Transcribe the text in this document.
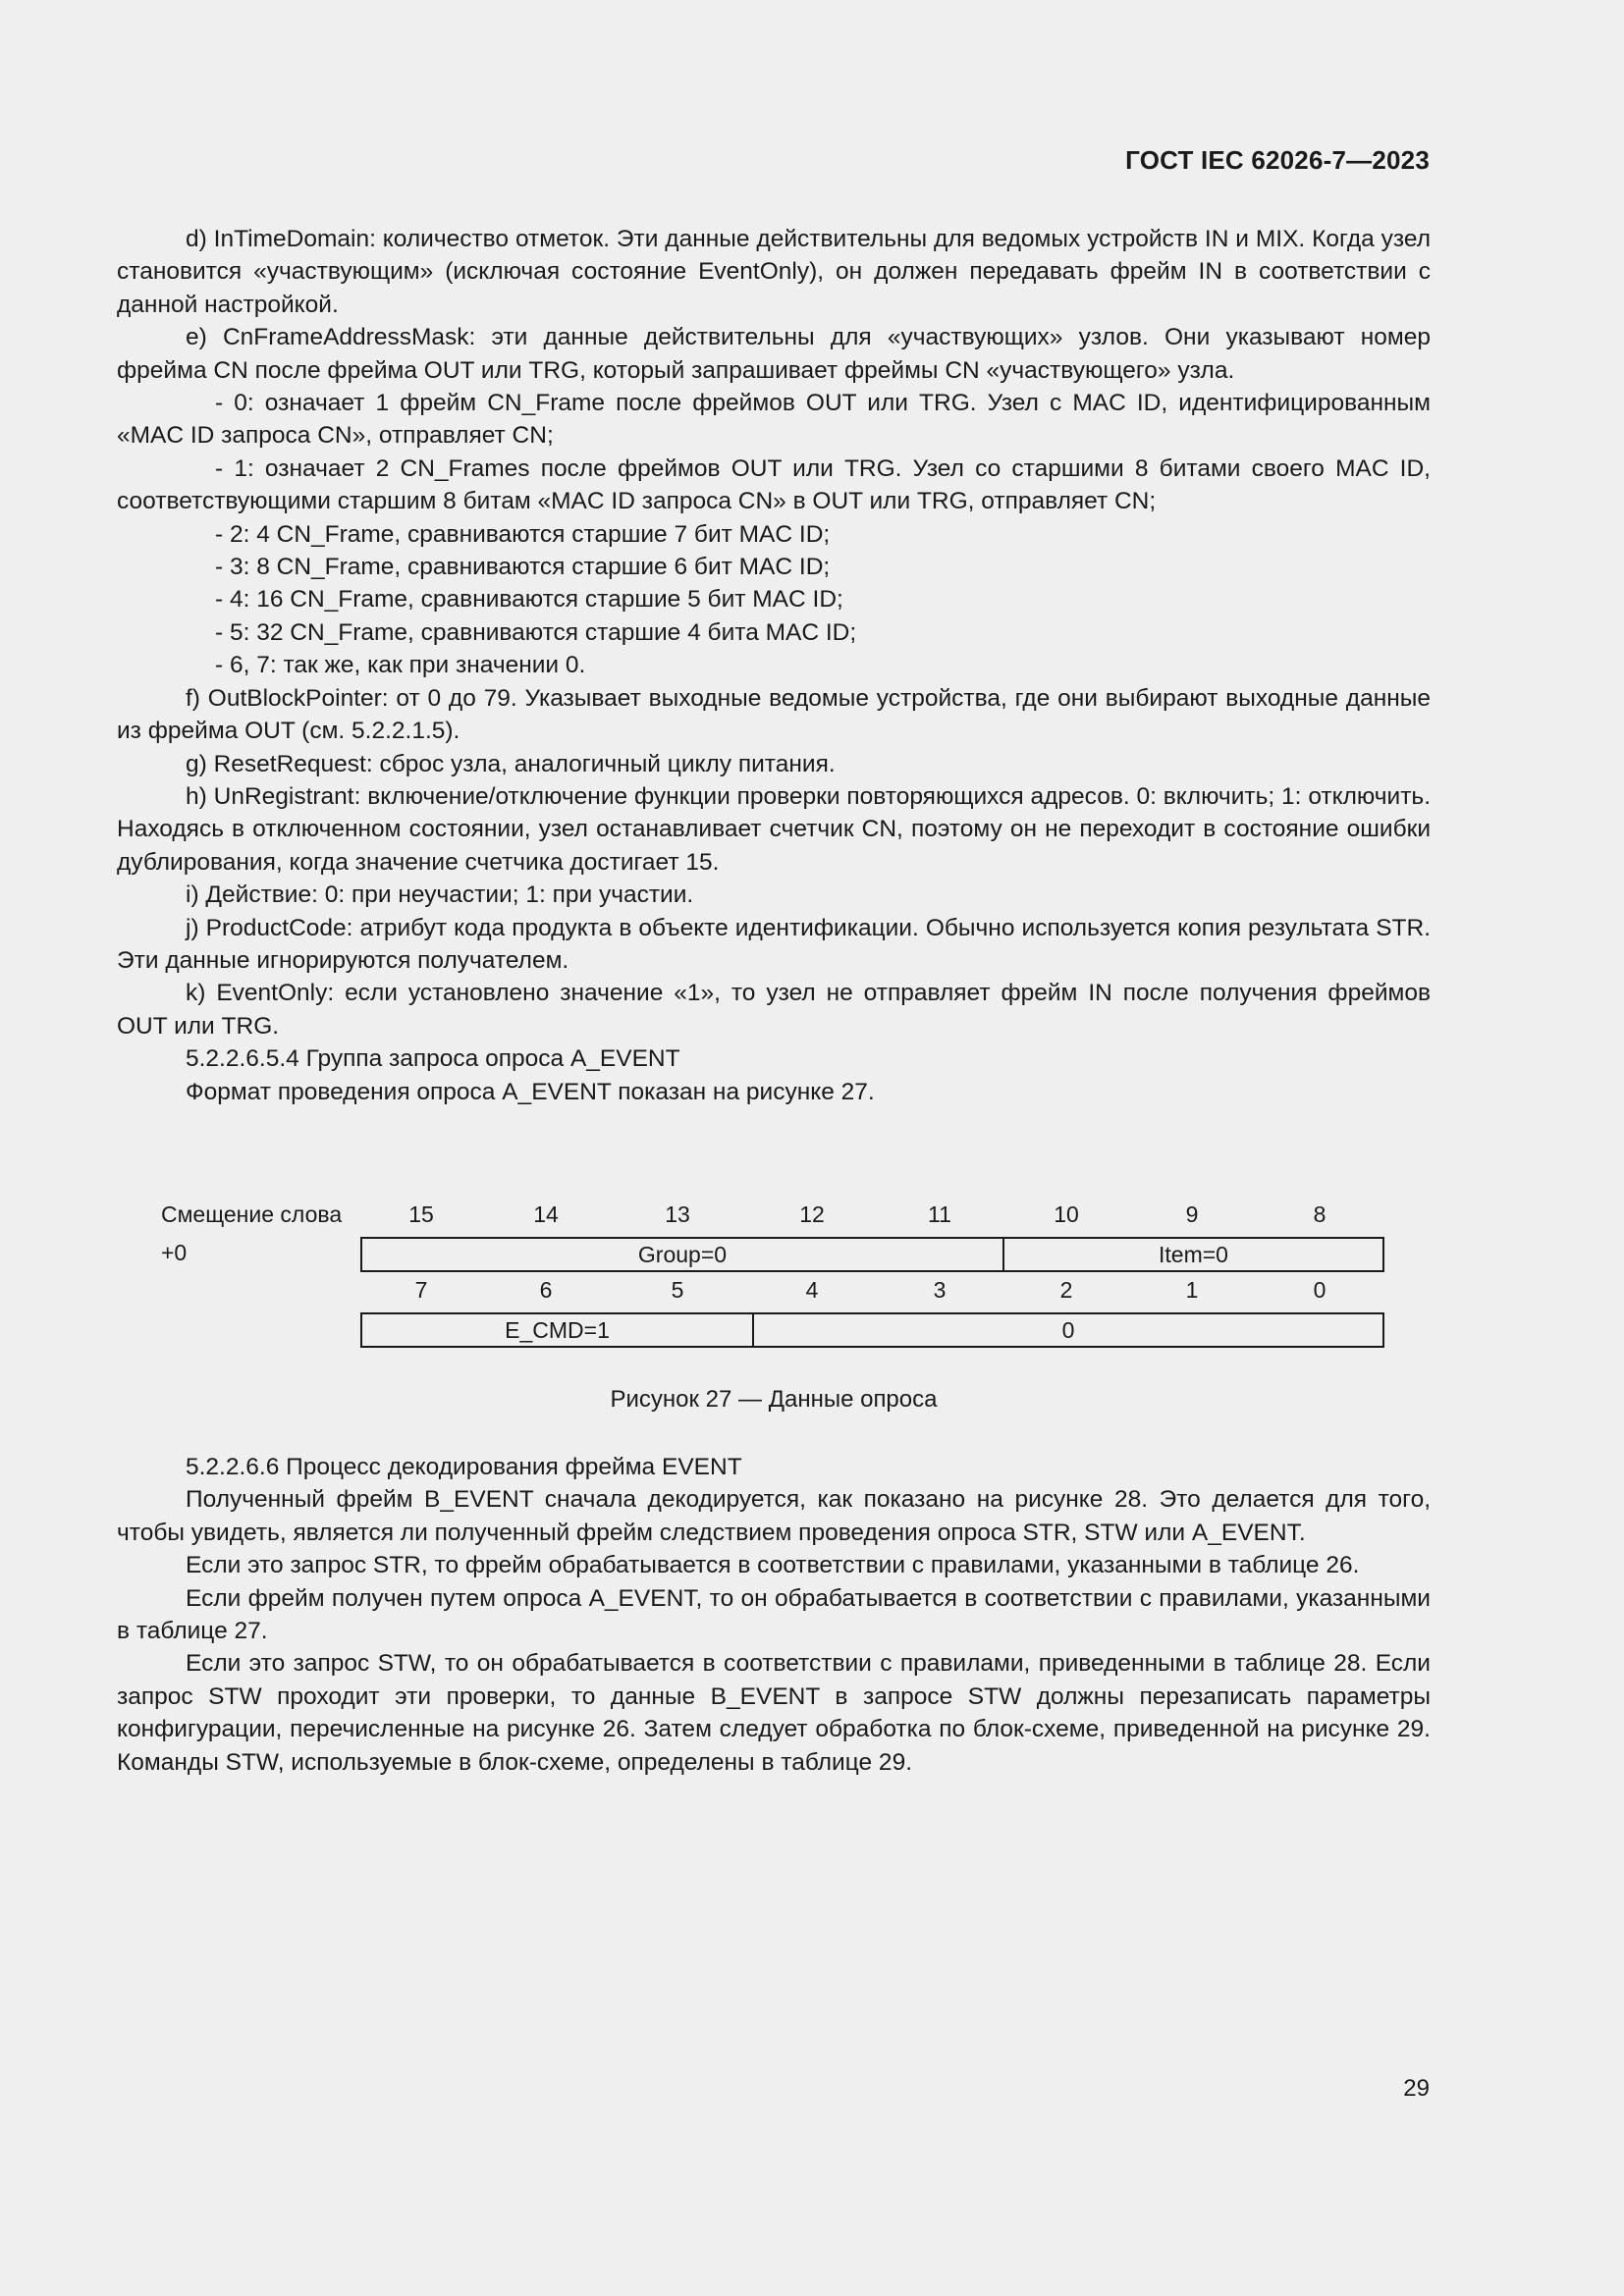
ГОСТ IEC 62026-7—2023

d) InTimeDomain: количество отметок. Эти данные действительны для ведомых устройств IN и MIX. Когда узел становится «участвующим» (исключая состояние EventOnly), он должен передавать фрейм IN в соответствии с данной настройкой.

e) CnFrameAddressMask: эти данные действительны для «участвующих» узлов. Они указывают номер фрейма CN после фрейма OUT или TRG, который запрашивает фреймы CN «участвующего» узла.

- 0: означает 1 фрейм CN_Frame после фреймов OUT или TRG. Узел с MAC ID, идентифицированным «MAC ID запроса CN», отправляет CN;

- 1: означает 2 CN_Frames после фреймов OUT или TRG. Узел со старшими 8 битами своего MAC ID, соответствующими старшим 8 битам «MAC ID запроса CN» в OUT или TRG, отправляет CN;

- 2: 4 CN_Frame, сравниваются старшие 7 бит MAC ID;

- 3: 8 CN_Frame, сравниваются старшие 6 бит MAC ID;

- 4: 16 CN_Frame, сравниваются старшие 5 бит MAC ID;

- 5: 32 CN_Frame, сравниваются старшие 4 бита MAC ID;

- 6, 7: так же, как при значении 0.

f) OutBlockPointer: от 0 до 79. Указывает выходные ведомые устройства, где они выбирают выходные данные из фрейма OUT (см. 5.2.2.1.5).

g) ResetRequest: сброс узла, аналогичный циклу питания.

h) UnRegistrant: включение/отключение функции проверки повторяющихся адресов. 0: включить; 1: отключить. Находясь в отключенном состоянии, узел останавливает счетчик CN, поэтому он не переходит в состояние ошибки дублирования, когда значение счетчика достигает 15.

i) Действие: 0: при неучастии; 1: при участии.

j) ProductCode: атрибут кода продукта в объекте идентификации. Обычно используется копия результата STR. Эти данные игнорируются получателем.

k) EventOnly: если установлено значение «1», то узел не отправляет фрейм IN после получения фреймов OUT или TRG.

5.2.2.6.5.4 Группа запроса опроса A_EVENT

Формат проведения опроса A_EVENT показан на рисунке 27.

Смещение слова	15	14	13	12	11	10	9	8
+0	Group=0	Item=0
7	6	5	4	3	2	1	0
E_CMD=1	0
Рисунок 27 — Данные опроса

5.2.2.6.6 Процесс декодирования фрейма EVENT

Полученный фрейм B_EVENT сначала декодируется, как показано на рисунке 28. Это делается для того, чтобы увидеть, является ли полученный фрейм следствием проведения опроса STR, STW или A_EVENT.

Если это запрос STR, то фрейм обрабатывается в соответствии с правилами, указанными в таблице 26.

Если фрейм получен путем опроса A_EVENT, то он обрабатывается в соответствии с правилами, указанными в таблице 27.

Если это запрос STW, то он обрабатывается в соответствии с правилами, приведенными в таблице 28. Если запрос STW проходит эти проверки, то данные B_EVENT в запросе STW должны перезаписать параметры конфигурации, перечисленные на рисунке 26. Затем следует обработка по блок-схеме, приведенной на рисунке 29. Команды STW, используемые в блок-схеме, определены в таблице 29.

29
